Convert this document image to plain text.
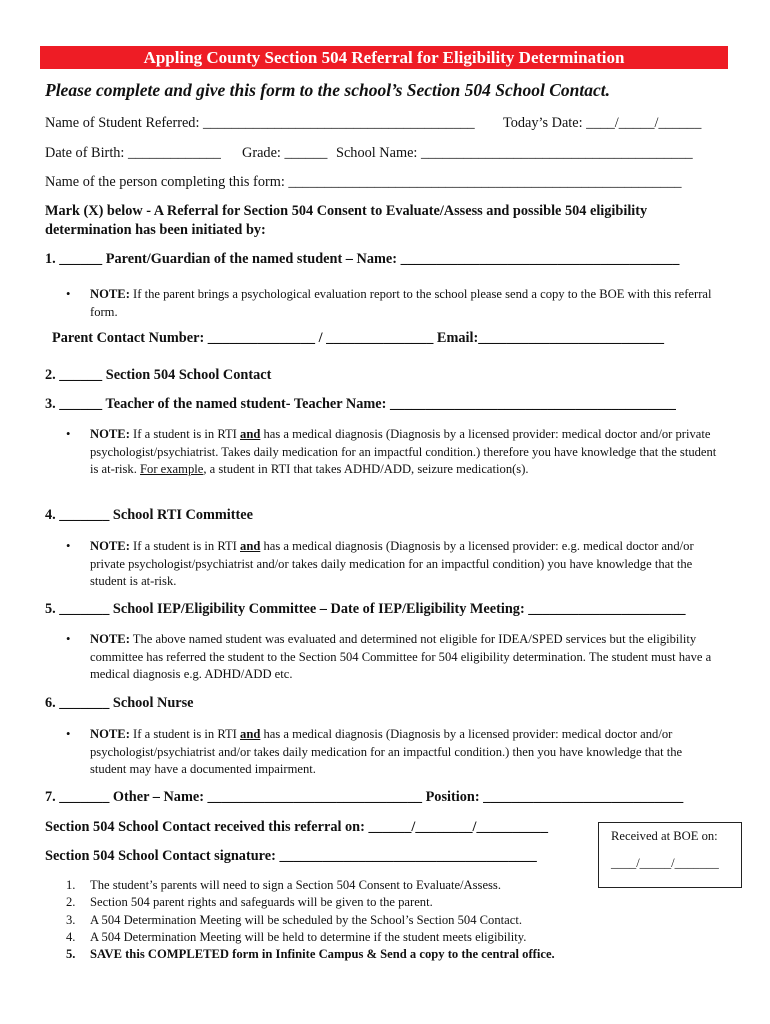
Appling County Section 504 Referral for Eligibility Determination
Please complete and give this form to the school’s Section 504 School Contact.
Name of Student Referred: ______________________________________ Today’s Date: ____/_____/______
Date of Birth: _____________ Grade: ______ School Name: ______________________________________
Name of the person completing this form: _______________________________________________________
Mark (X) below - A Referral for Section 504 Consent to Evaluate/Assess and possible 504 eligibility
determination has been initiated by:
1. ______ Parent/Guardian of the named student – Name: _______________________________________
• NOTE: If the parent brings a psychological evaluation report to the school please send a copy to the BOE with this referral form.
Parent Contact Number: _______________ / _______________ Email:__________________________
2. ______ Section 504 School Contact
3. ______ Teacher of the named student- Teacher Name: ________________________________________
• NOTE: If a student is in RTI and has a medical diagnosis (Diagnosis by a licensed provider: medical doctor and/or private psychologist/psychiatrist. Takes daily medication for an impactful condition.) therefore you have knowledge that the student is at-risk. For example, a student in RTI that takes ADHD/ADD, seizure medication(s).
4. _______ School RTI Committee
• NOTE: If a student is in RTI and has a medical diagnosis (Diagnosis by a licensed provider: e.g. medical doctor and/or private psychologist/psychiatrist and/or takes daily medication for an impactful condition) you have knowledge that the student is at-risk.
5. _______ School IEP/Eligibility Committee – Date of IEP/Eligibility Meeting: ______________________
• NOTE: The above named student was evaluated and determined not eligible for IDEA/SPED services but the eligibility committee has referred the student to the Section 504 Committee for 504 eligibility determination. The student must have a medical diagnosis e.g. ADHD/ADD etc.
6. _______ School Nurse
• NOTE: If a student is in RTI and has a medical diagnosis (Diagnosis by a licensed provider: medical doctor and/or psychologist/psychiatrist and/or takes daily medication for an impactful condition.) then you have knowledge that the student may have a documented impairment.
7. _______ Other – Name: ______________________________ Position: ____________________________
Section 504 School Contact received this referral on: ______/________/__________
Section 504 School Contact signature: ____________________________________
Received at BOE on:
____/_____/_______
1. The student’s parents will need to sign a Section 504 Consent to Evaluate/Assess.
2. Section 504 parent rights and safeguards will be given to the parent.
3. A 504 Determination Meeting will be scheduled by the School’s Section 504 Contact.
4. A 504 Determination Meeting will be held to determine if the student meets eligibility.
5. SAVE this COMPLETED form in Infinite Campus & Send a copy to the central office.
